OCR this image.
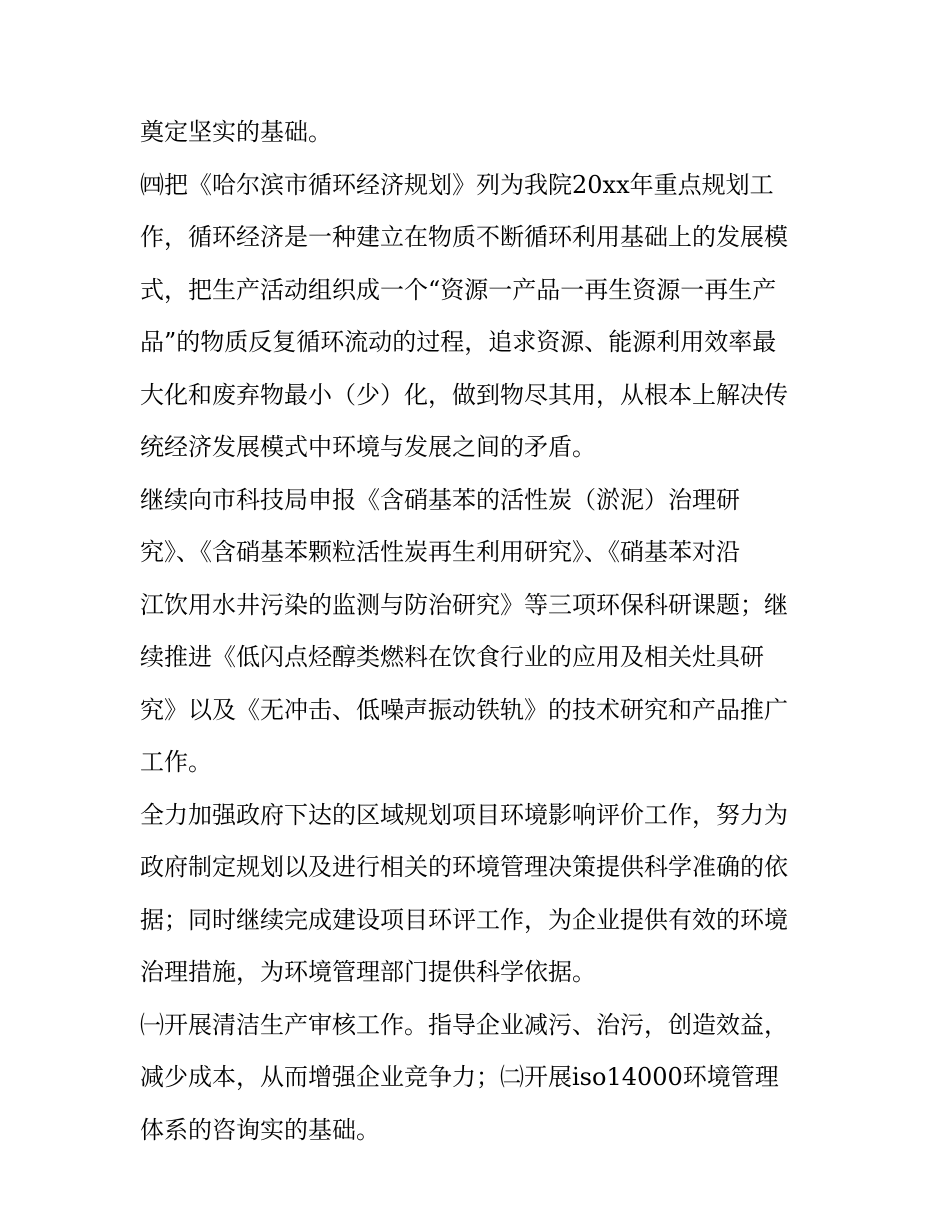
奠定坚实的基础。
㈣把《哈尔滨市循环经济规划》列为我院20xx年重点规划工
作，循环经济是一种建立在物质不断循环利用基础上的发展模
式，把生产活动组织成一个“资源一产品一再生资源一再生产
品”的物质反复循环流动的过程，追求资源、能源利用效率最
大化和废弃物最小（少）化，做到物尽其用，从根本上解决传
统经济发展模式中环境与发展之间的矛盾。
继续向市科技局申报《含硝基苯的活性炭（淤泥）治理研
究》、《含硝基苯颗粒活性炭再生利用研究》、《硝基苯对沿
江饮用水井污染的监测与防治研究》等三项环保科研课题；继
续推进《低闪点烃醇类燃料在饮食行业的应用及相关灶具研
究》以及《无冲击、低噪声振动铁轨》的技术研究和产品推广
工作。
全力加强政府下达的区域规划项目环境影响评价工作，努力为
政府制定规划以及进行相关的环境管理决策提供科学准确的依
据；同时继续完成建设项目环评工作，为企业提供有效的环境
治理措施，为环境管理部门提供科学依据。
㈠开展清洁生产审核工作。指导企业减污、治污，创造效益，
减少成本，从而增强企业竞争力；㈡开展iso14000环境管理
体系的咨询实的基础。
